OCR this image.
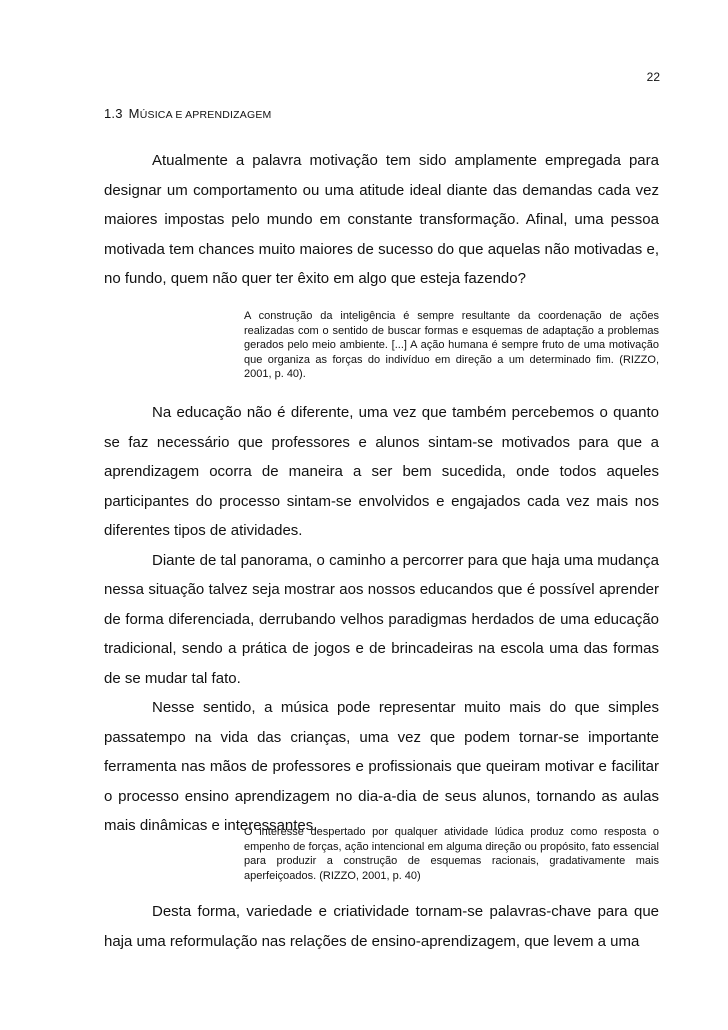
22
1.3 MÚSICA E APRENDIZAGEM

Atualmente a palavra motivação tem sido amplamente empregada para designar um comportamento ou uma atitude ideal diante das demandas cada vez maiores impostas pelo mundo em constante transformação. Afinal, uma pessoa motivada tem chances muito maiores de sucesso do que aquelas não motivadas e, no fundo, quem não quer ter êxito em algo que esteja fazendo?

A construção da inteligência é sempre resultante da coordenação de ações realizadas com o sentido de buscar formas e esquemas de adaptação a problemas gerados pelo meio ambiente. [...] A ação humana é sempre fruto de uma motivação que organiza as forças do indivíduo em direção a um determinado fim. (RIZZO, 2001, p. 40).

Na educação não é diferente, uma vez que também percebemos o quanto se faz necessário que professores e alunos sintam-se motivados para que a aprendizagem ocorra de maneira a ser bem sucedida, onde todos aqueles participantes do processo sintam-se envolvidos e engajados cada vez mais nos diferentes tipos de atividades.

Diante de tal panorama, o caminho a percorrer para que haja uma mudança nessa situação talvez seja mostrar aos nossos educandos que é possível aprender de forma diferenciada, derrubando velhos paradigmas herdados de uma educação tradicional, sendo a prática de jogos e de brincadeiras na escola uma das formas de se mudar tal fato.

Nesse sentido, a música pode representar muito mais do que simples passatempo na vida das crianças, uma vez que podem tornar-se importante ferramenta nas mãos de professores e profissionais que queiram motivar e facilitar o processo ensino aprendizagem no dia-a-dia de seus alunos, tornando as aulas mais dinâmicas e interessantes.

O interesse despertado por qualquer atividade lúdica produz como resposta o empenho de forças, ação intencional em alguma direção ou propósito, fato essencial para produzir a construção de esquemas racionais, gradativamente mais aperfeiçoados. (RIZZO, 2001, p. 40)

Desta forma, variedade e criatividade tornam-se palavras-chave para que haja uma reformulação nas relações de ensino-aprendizagem, que levem a uma
